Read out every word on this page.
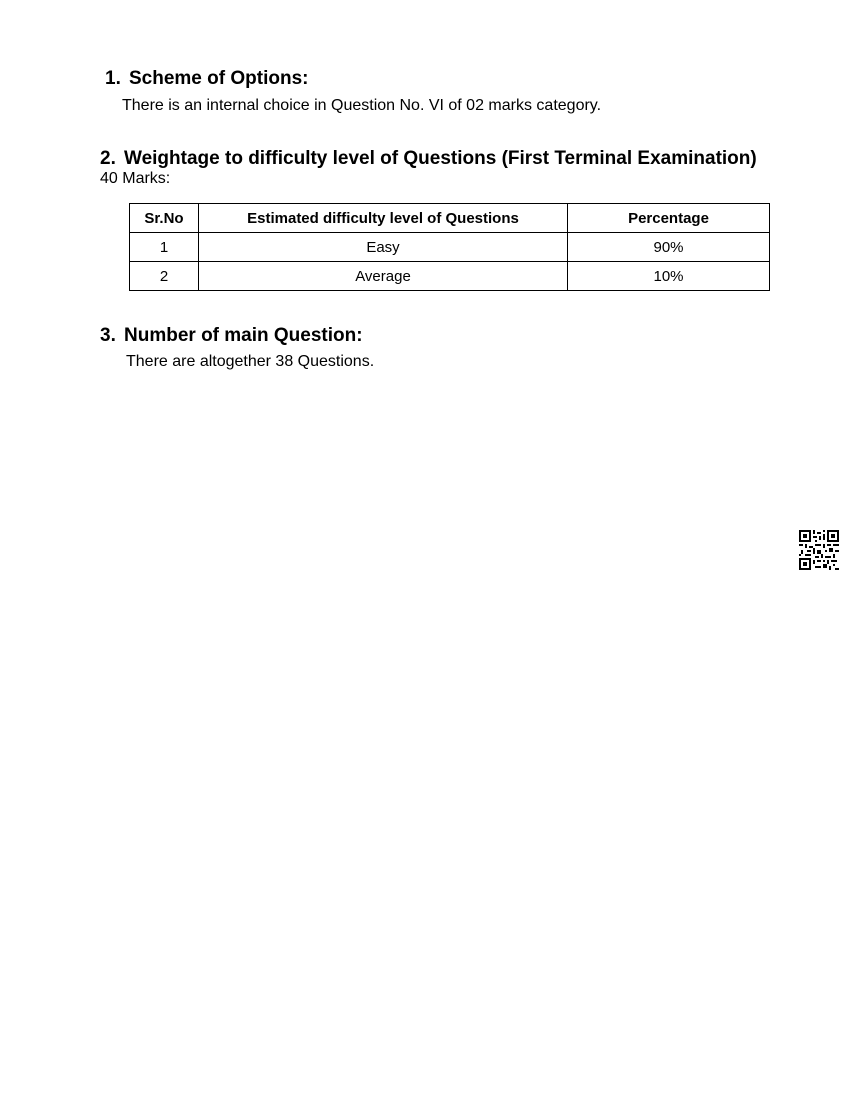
1. Scheme of Options:
There is an internal choice in Question No. VI of 02 marks category.
2. Weightage to difficulty level of Questions (First Terminal Examination)
40 Marks:
Sr.No	Estimated difficulty level of Questions	Percentage
1	Easy	90%
2	Average	10%
3. Number of main Question:
There are altogether 38 Questions.
